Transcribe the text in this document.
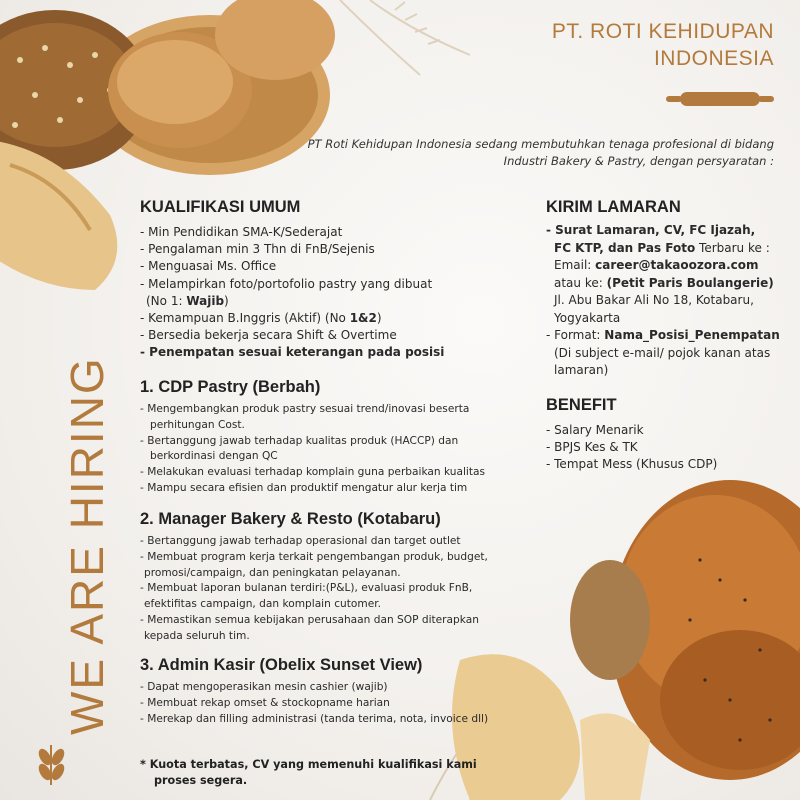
PT. ROTI KEHIDUPAN
INDONESIA
PT Roti Kehidupan Indonesia sedang membutuhkan tenaga profesional di bidang
Industri Bakery & Pastry, dengan persyaratan :
WE ARE HIRING
KUALIFIKASI UMUM
- Min Pendidikan SMA-K/Sederajat
- Pengalaman min 3 Thn di FnB/Sejenis
- Menguasai Ms. Office
- Melampirkan foto/portofolio pastry yang dibuat
(No 1: Wajib)
- Kemampuan B.Inggris (Aktif) (No 1&2)
- Bersedia bekerja secara Shift & Overtime
- Penempatan sesuai keterangan pada posisi
1. CDP Pastry (Berbah)
- Mengembangkan produk pastry sesuai trend/inovasi beserta
perhitungan Cost.
- Bertanggung jawab terhadap kualitas produk (HACCP) dan
berkordinasi dengan QC
- Melakukan evaluasi terhadap komplain guna perbaikan kualitas
- Mampu secara efisien dan produktif mengatur alur kerja tim
2. Manager Bakery & Resto (Kotabaru)
- Bertanggung jawab terhadap operasional dan target outlet
- Membuat program kerja terkait pengembangan produk, budget,
promosi/campaign, dan peningkatan pelayanan.
- Membuat laporan bulanan terdiri:(P&L), evaluasi produk FnB,
efektifitas campaign, dan komplain cutomer.
- Memastikan semua kebijakan perusahaan dan SOP diterapkan
kepada seluruh tim.
3. Admin Kasir (Obelix Sunset View)
- Dapat mengoperasikan mesin cashier (wajib)
- Membuat rekap omset & stockopname harian
- Merekap dan filling administrasi (tanda terima, nota, invoice dll)
KIRIM LAMARAN
- Surat Lamaran, CV, FC Ijazah,
FC KTP, dan Pas Foto Terbaru ke :
Email: career@takaoozora.com
atau ke: (Petit Paris Boulangerie)
Jl. Abu Bakar Ali No 18, Kotabaru,
Yogyakarta
- Format: Nama_Posisi_Penempatan
(Di subject e-mail/ pojok kanan atas
lamaran)
BENEFIT
- Salary Menarik
- BPJS Kes & TK
- Tempat Mess (Khusus CDP)
* Kuota terbatas, CV yang memenuhi kualifikasi kami
proses segera.
